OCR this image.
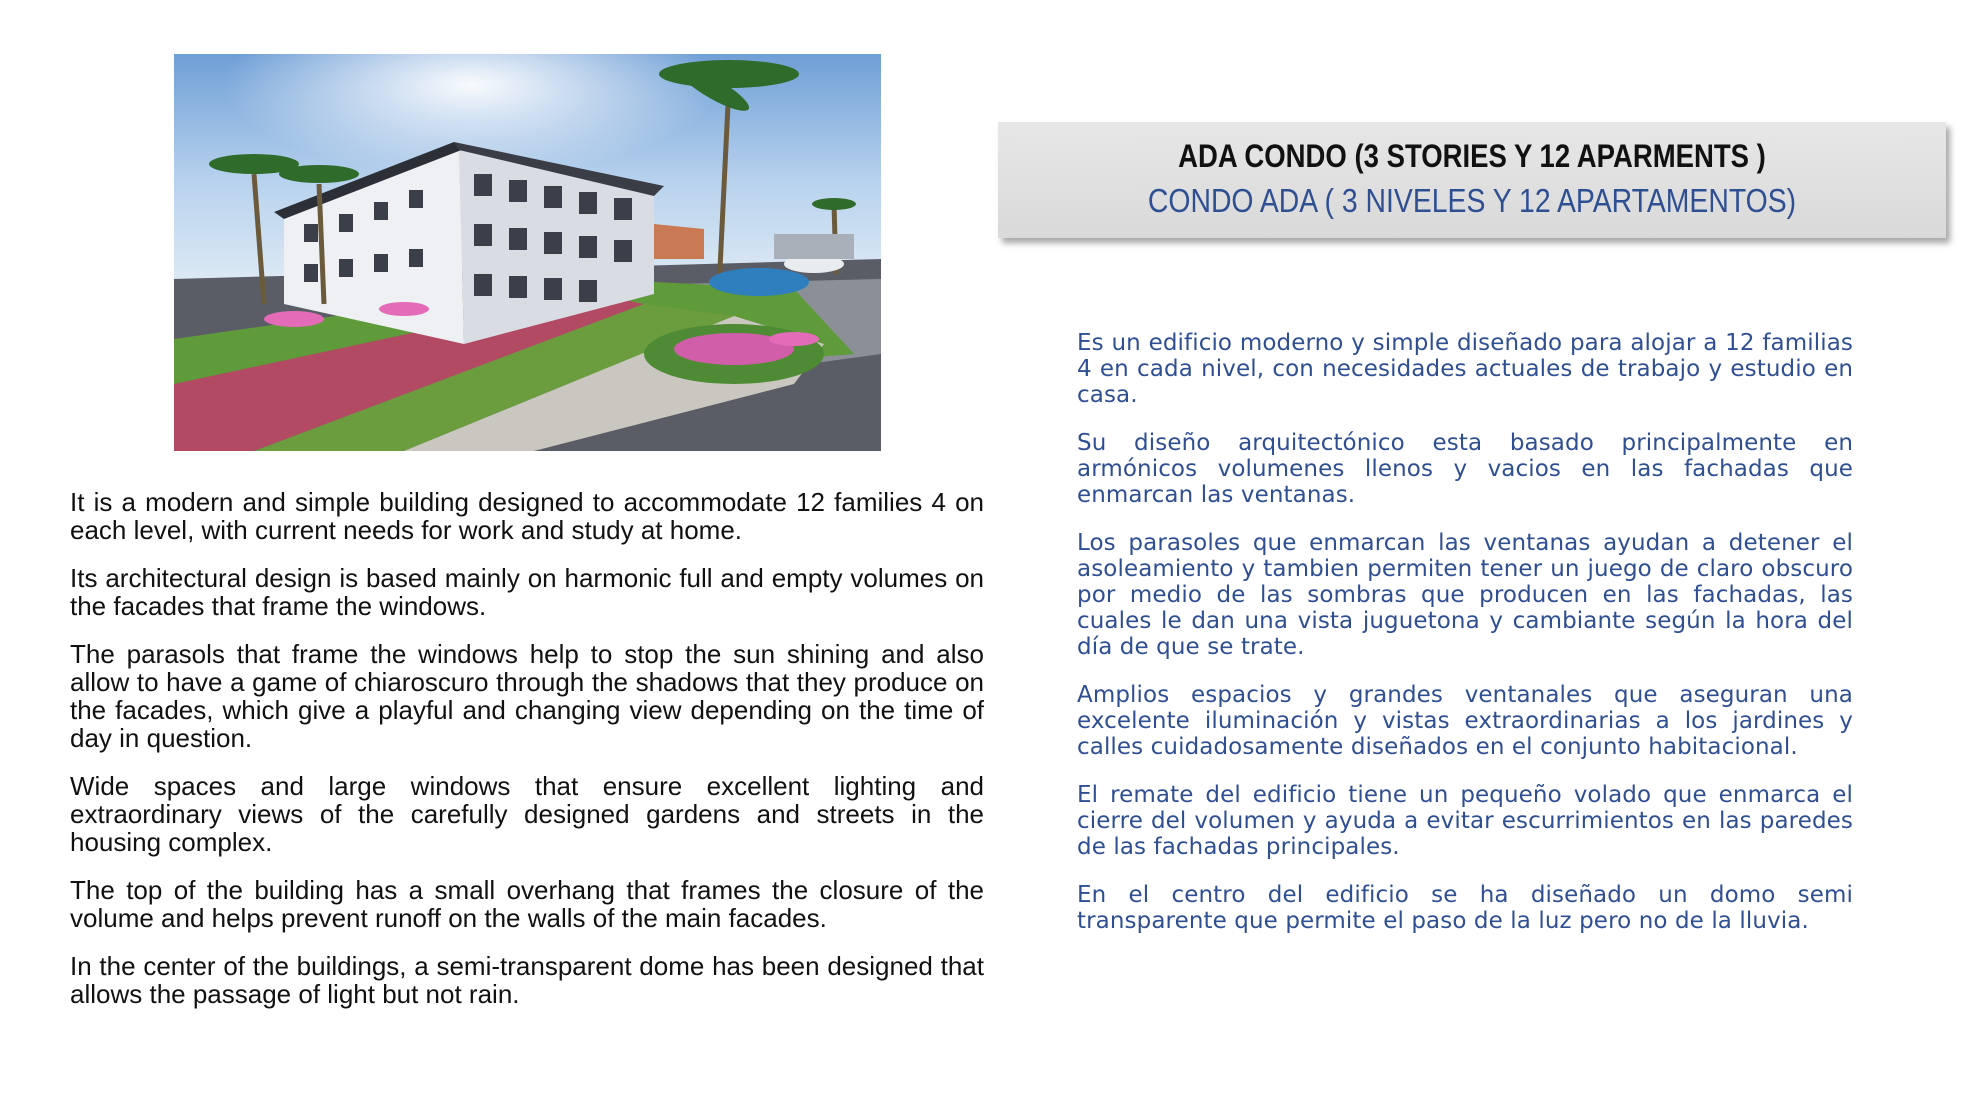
It is a modern and simple building designed to accommodate 12 families 4 on each level, with current needs for work and study at home.

Its architectural design is based mainly on harmonic full and empty volumes on the facades that frame the windows.

The parasols that frame the windows help to stop the sun shining and also allow to have a game of chiaroscuro through the shadows that they produce on the facades, which give a playful and changing view depending on the time of day in question.

Wide spaces and large windows that ensure excellent lighting and extraordinary views of the carefully designed gardens and streets in the housing complex.

The top of the building has a small overhang that frames the closure of the volume and helps prevent runoff on the walls of the main facades.

In the center of the buildings, a semi-transparent dome has been designed that allows the passage of light but not rain.

ADA CONDO (3 STORIES Y 12 APARMENTS )
CONDO ADA ( 3 NIVELES Y 12 APARTAMENTOS)

Es un edificio moderno y simple diseñado para alojar a 12 familias 4 en cada nivel, con necesidades actuales de trabajo y estudio en casa.

Su diseño arquitectónico esta basado principalmente en armónicos volumenes llenos y vacios en las fachadas que enmarcan las ventanas.

Los parasoles que enmarcan las ventanas ayudan a detener el asoleamiento y tambien permiten tener un juego de claro obscuro por medio de las sombras que producen en las fachadas, las cuales le dan una vista juguetona y cambiante según la hora del día de que se trate.

Amplios espacios y grandes ventanales que aseguran una excelente iluminación y vistas extraordinarias a los jardines y calles cuidadosamente diseñados en el conjunto habitacional.

El remate del edificio tiene un pequeño volado que enmarca el cierre del volumen y ayuda a evitar escurrimientos en las paredes de las fachadas principales.

En el centro del edificio se ha diseñado un domo semi transparente que permite el paso de la luz pero no de la lluvia.
